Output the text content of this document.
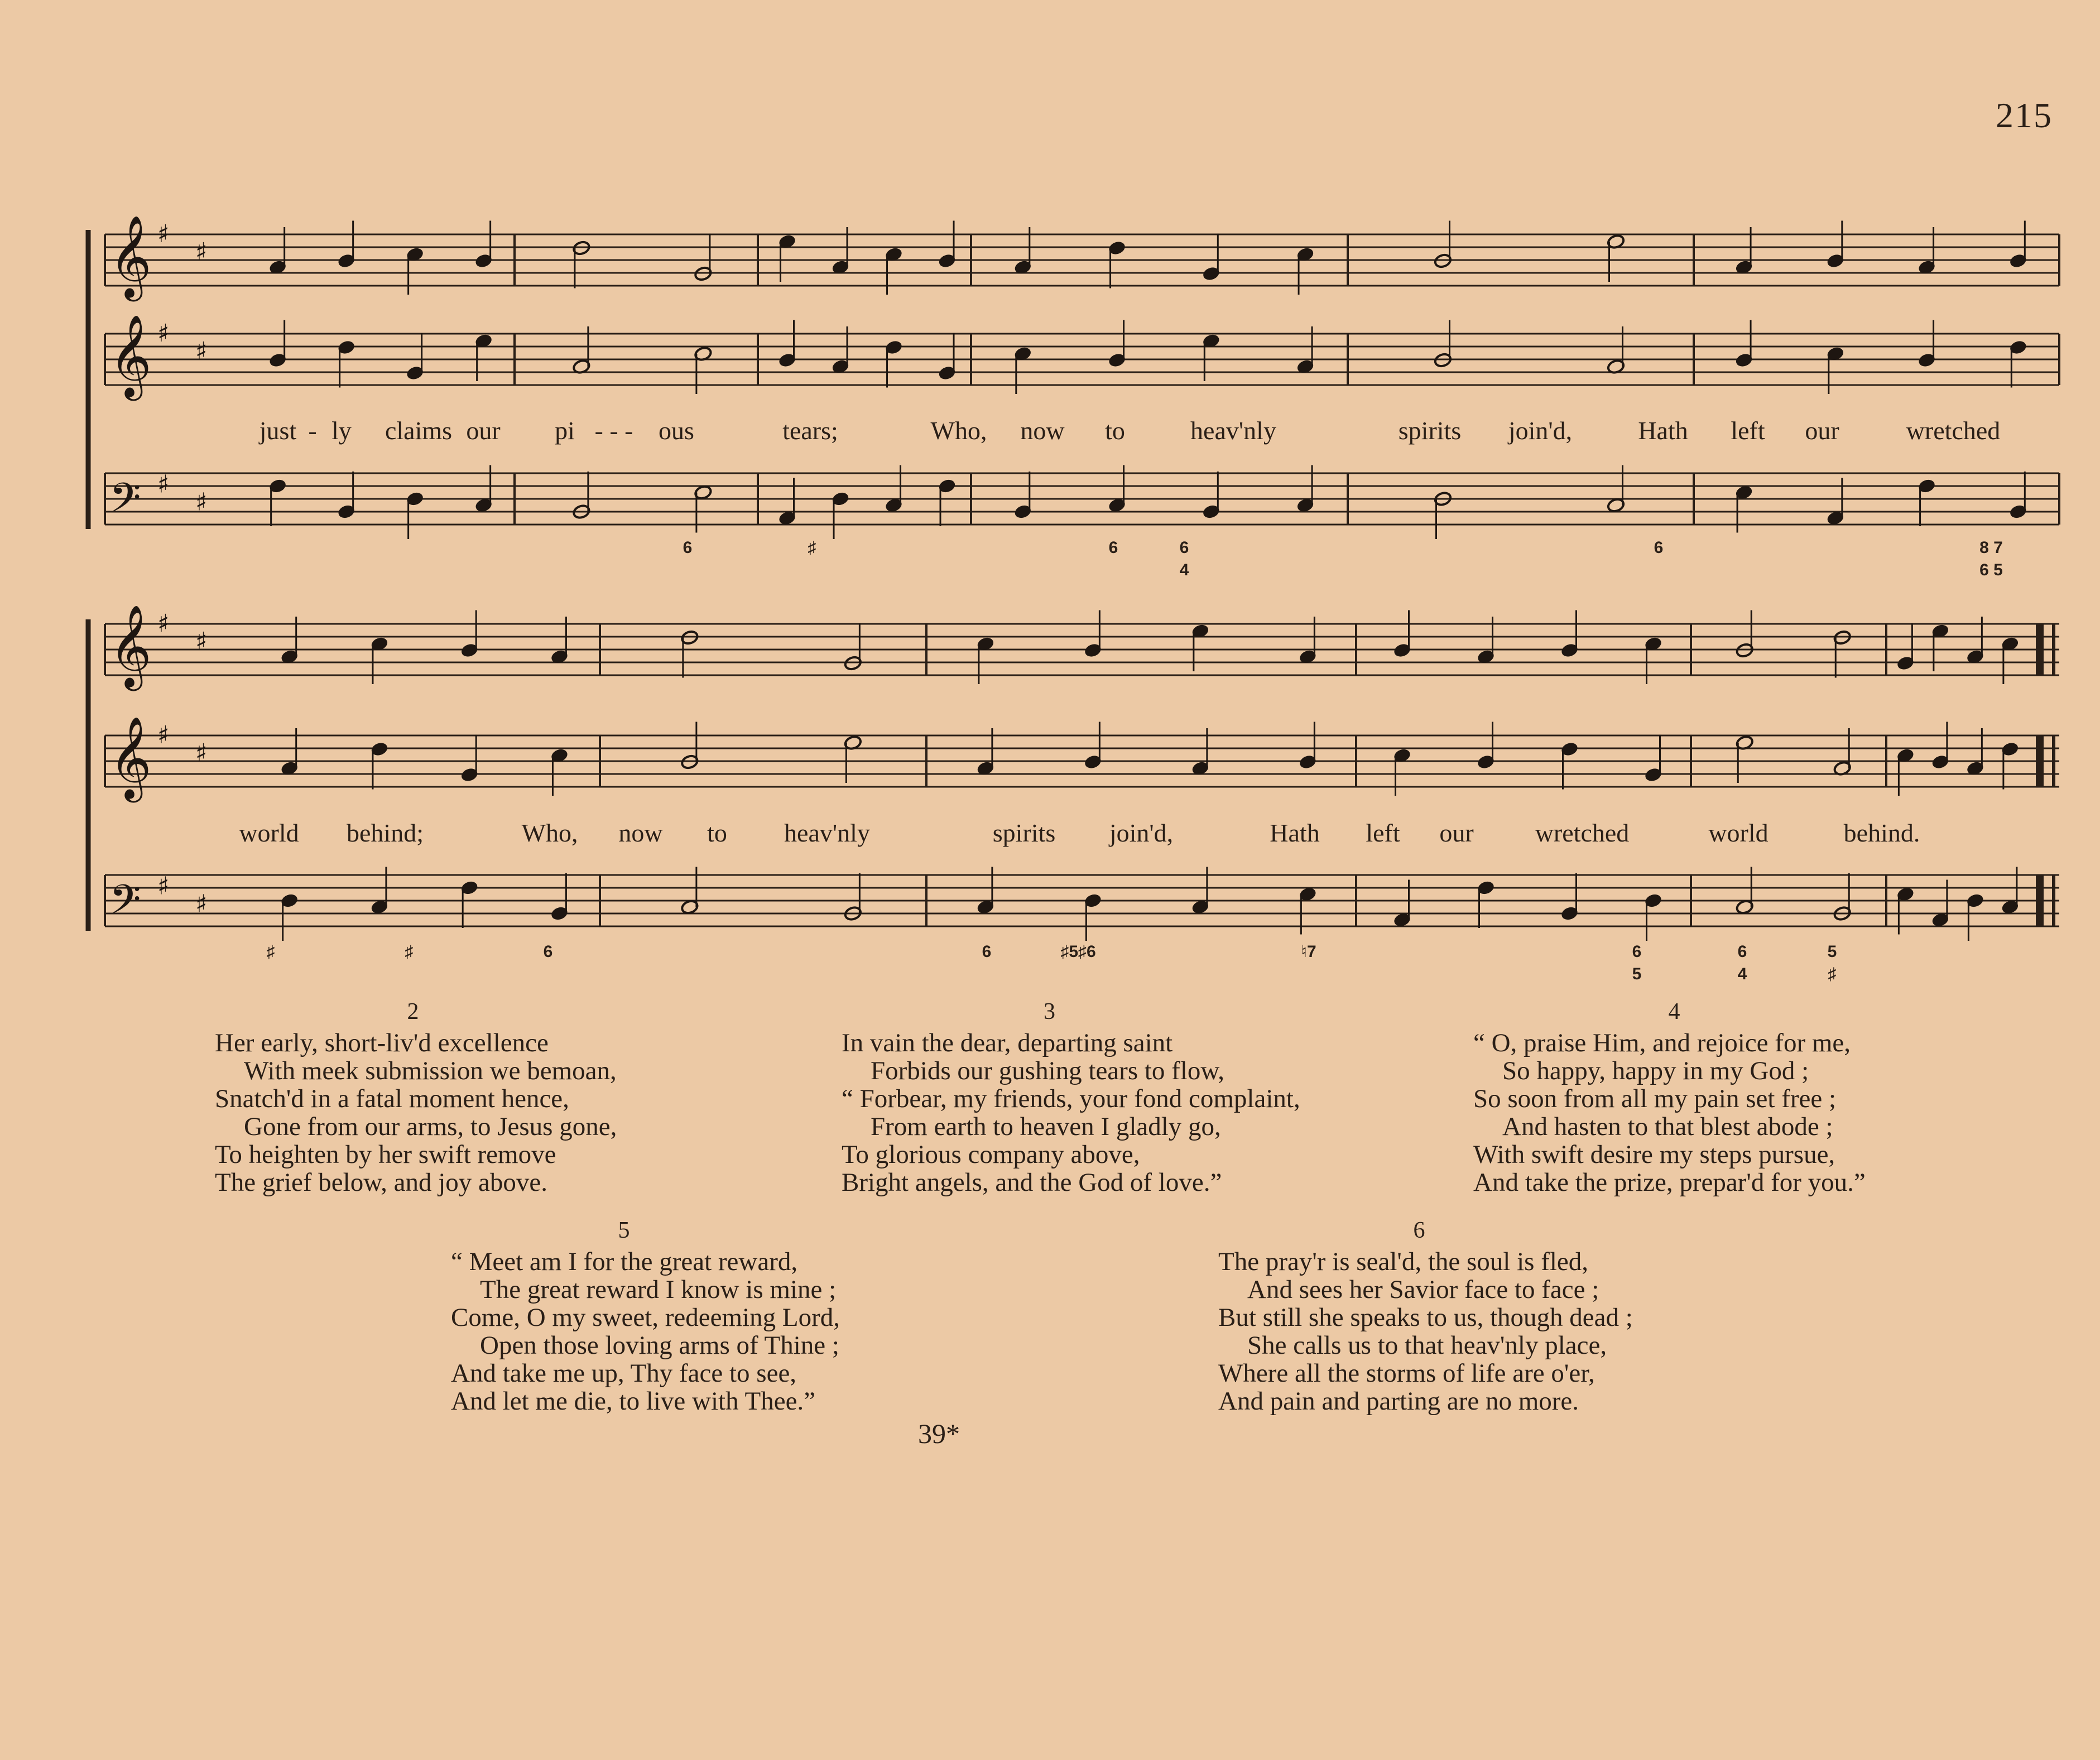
215
𝄞 ♯
♯
𝄞 ♯
♯
𝄢 ♯
♯
𝄞 ♯
♯
𝄞 ♯
♯
𝄢 ♯
♯
just - ly claims our pi - - - ous	tears;	Who, now to	heav'nly	spirits join'd,	Hath left our	wretched
6	♯	6	6
4
6	8 7
6 5
world behind;	Who, now to heav'nly	spirits join'd,	Hath left our wretched	world	behind.
♯	♯	6	6	♯5♯6	♮7	6
5
6
4
5
♯
2
Her early, short-liv'd excellence
With meek submission we bemoan,
Snatch'd in a fatal moment hence,
Gone from our arms, to Jesus gone,
To heighten by her swift remove
The grief below, and joy above.
3
In vain the dear, departing saint
Forbids our gushing tears to flow,
“ Forbear, my friends, your fond complaint,
From earth to heaven I gladly go,
To glorious company above,
Bright angels, and the God of love.”
4
“ O, praise Him, and rejoice for me,
So happy, happy in my God ;
So soon from all my pain set free ;
And hasten to that blest abode ;
With swift desire my steps pursue,
And take the prize, prepar'd for you.”
5
“ Meet am I for the great reward,
The great reward I know is mine ;
Come, O my sweet, redeeming Lord,
Open those loving arms of Thine ;
And take me up, Thy face to see,
And let me die, to live with Thee.”
6
The pray'r is seal'd, the soul is fled,
And sees her Savior face to face ;
But still she speaks to us, though dead ;
She calls us to that heav'nly place,
Where all the storms of life are o'er,
And pain and parting are no more.
39*
